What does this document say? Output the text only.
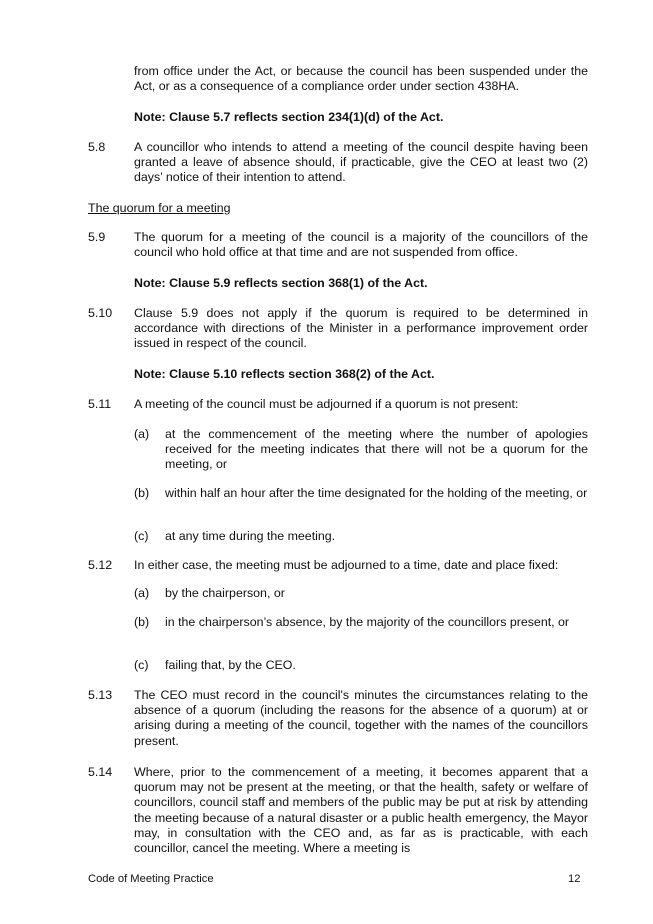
from office under the Act, or because the council has been suspended under the Act, or as a consequence of a compliance order under section 438HA.
Note: Clause 5.7 reflects section 234(1)(d) of the Act.
5.8 A councillor who intends to attend a meeting of the council despite having been granted a leave of absence should, if practicable, give the CEO at least two (2) days’ notice of their intention to attend.
The quorum for a meeting
5.9 The quorum for a meeting of the council is a majority of the councillors of the council who hold office at that time and are not suspended from office.
Note: Clause 5.9 reflects section 368(1) of the Act.
5.10 Clause 5.9 does not apply if the quorum is required to be determined in accordance with directions of the Minister in a performance improvement order issued in respect of the council.
Note: Clause 5.10 reflects section 368(2) of the Act.
5.11 A meeting of the council must be adjourned if a quorum is not present:
(a) at the commencement of the meeting where the number of apologies received for the meeting indicates that there will not be a quorum for the meeting, or
(b) within half an hour after the time designated for the holding of the meeting, or
(c) at any time during the meeting.
5.12 In either case, the meeting must be adjourned to a time, date and place fixed:
(a) by the chairperson, or
(b) in the chairperson’s absence, by the majority of the councillors present, or
(c) failing that, by the CEO.
5.13 The CEO must record in the council's minutes the circumstances relating to the absence of a quorum (including the reasons for the absence of a quorum) at or arising during a meeting of the council, together with the names of the councillors present.
5.14 Where, prior to the commencement of a meeting, it becomes apparent that a quorum may not be present at the meeting, or that the health, safety or welfare of councillors, council staff and members of the public may be put at risk by attending the meeting because of a natural disaster or a public health emergency, the Mayor may, in consultation with the CEO and, as far as is practicable, with each councillor, cancel the meeting. Where a meeting is
Code of Meeting Practice	12
